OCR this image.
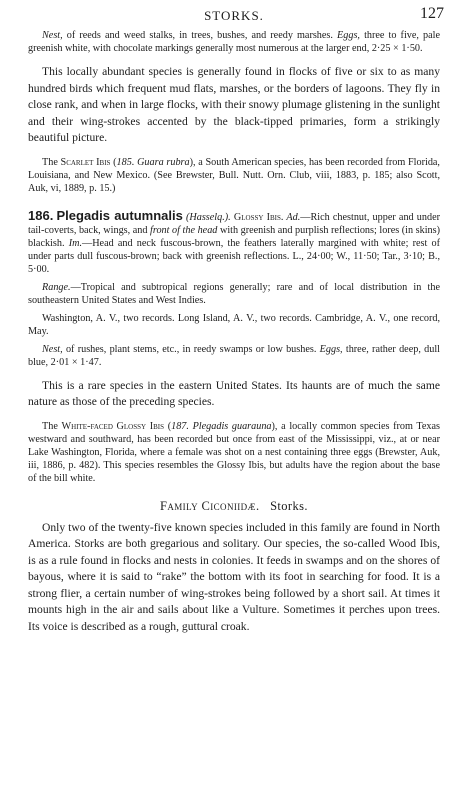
STORKS.	127

Nest, of reeds and weed stalks, in trees, bushes, and reedy marshes. Eggs, three to five, pale greenish white, with chocolate markings generally most numerous at the larger end, 2·25 × 1·50.

This locally abundant species is generally found in flocks of five or six to as many hundred birds which frequent mud flats, marshes, or the borders of lagoons. They fly in close rank, and when in large flocks, with their snowy plumage glistening in the sunlight and their wing-strokes accented by the black-tipped primaries, form a strikingly beautiful picture.

The Scarlet Ibis (185. Guara rubra), a South American species, has been recorded from Florida, Louisiana, and New Mexico. (See Brewster, Bull. Nutt. Orn. Club, viii, 1883, p. 185; also Scott, Auk, vi, 1889, p. 15.)

186. Plegadis autumnalis (Hasselq.). Glossy Ibis. Ad.—Rich chestnut, upper and under tail-coverts, back, wings, and front of the head with greenish and purplish reflections; lores (in skins) blackish. Im.—Head and neck fuscous-brown, the feathers laterally margined with white; rest of under parts dull fuscous-brown; back with greenish reflections. L., 24·00; W., 11·50; Tar., 3·10; B., 5·00.

Range.—Tropical and subtropical regions generally; rare and of local distribution in the southeastern United States and West Indies.

Washington, A. V., two records. Long Island, A. V., two records. Cambridge, A. V., one record, May.

Nest, of rushes, plant stems, etc., in reedy swamps or low bushes. Eggs, three, rather deep, dull blue, 2·01 × 1·47.

This is a rare species in the eastern United States. Its haunts are of much the same nature as those of the preceding species.

The White-faced Glossy Ibis (187. Plegadis guarauna), a locally common species from Texas westward and southward, has been recorded but once from east of the Mississippi, viz., at or near Lake Washington, Florida, where a female was shot on a nest containing three eggs (Brewster, Auk, iii, 1886, p. 482). This species resembles the Glossy Ibis, but adults have the region about the base of the bill white.

Family Ciconiidæ. Storks.

Only two of the twenty-five known species included in this family are found in North America. Storks are both gregarious and solitary. Our species, the so-called Wood Ibis, is as a rule found in flocks and nests in colonies. It feeds in swamps and on the shores of bayous, where it is said to “rake” the bottom with its foot in searching for food. It is a strong flier, a certain number of wing-strokes being followed by a short sail. At times it mounts high in the air and sails about like a Vulture. Sometimes it perches upon trees. Its voice is described as a rough, guttural croak.
